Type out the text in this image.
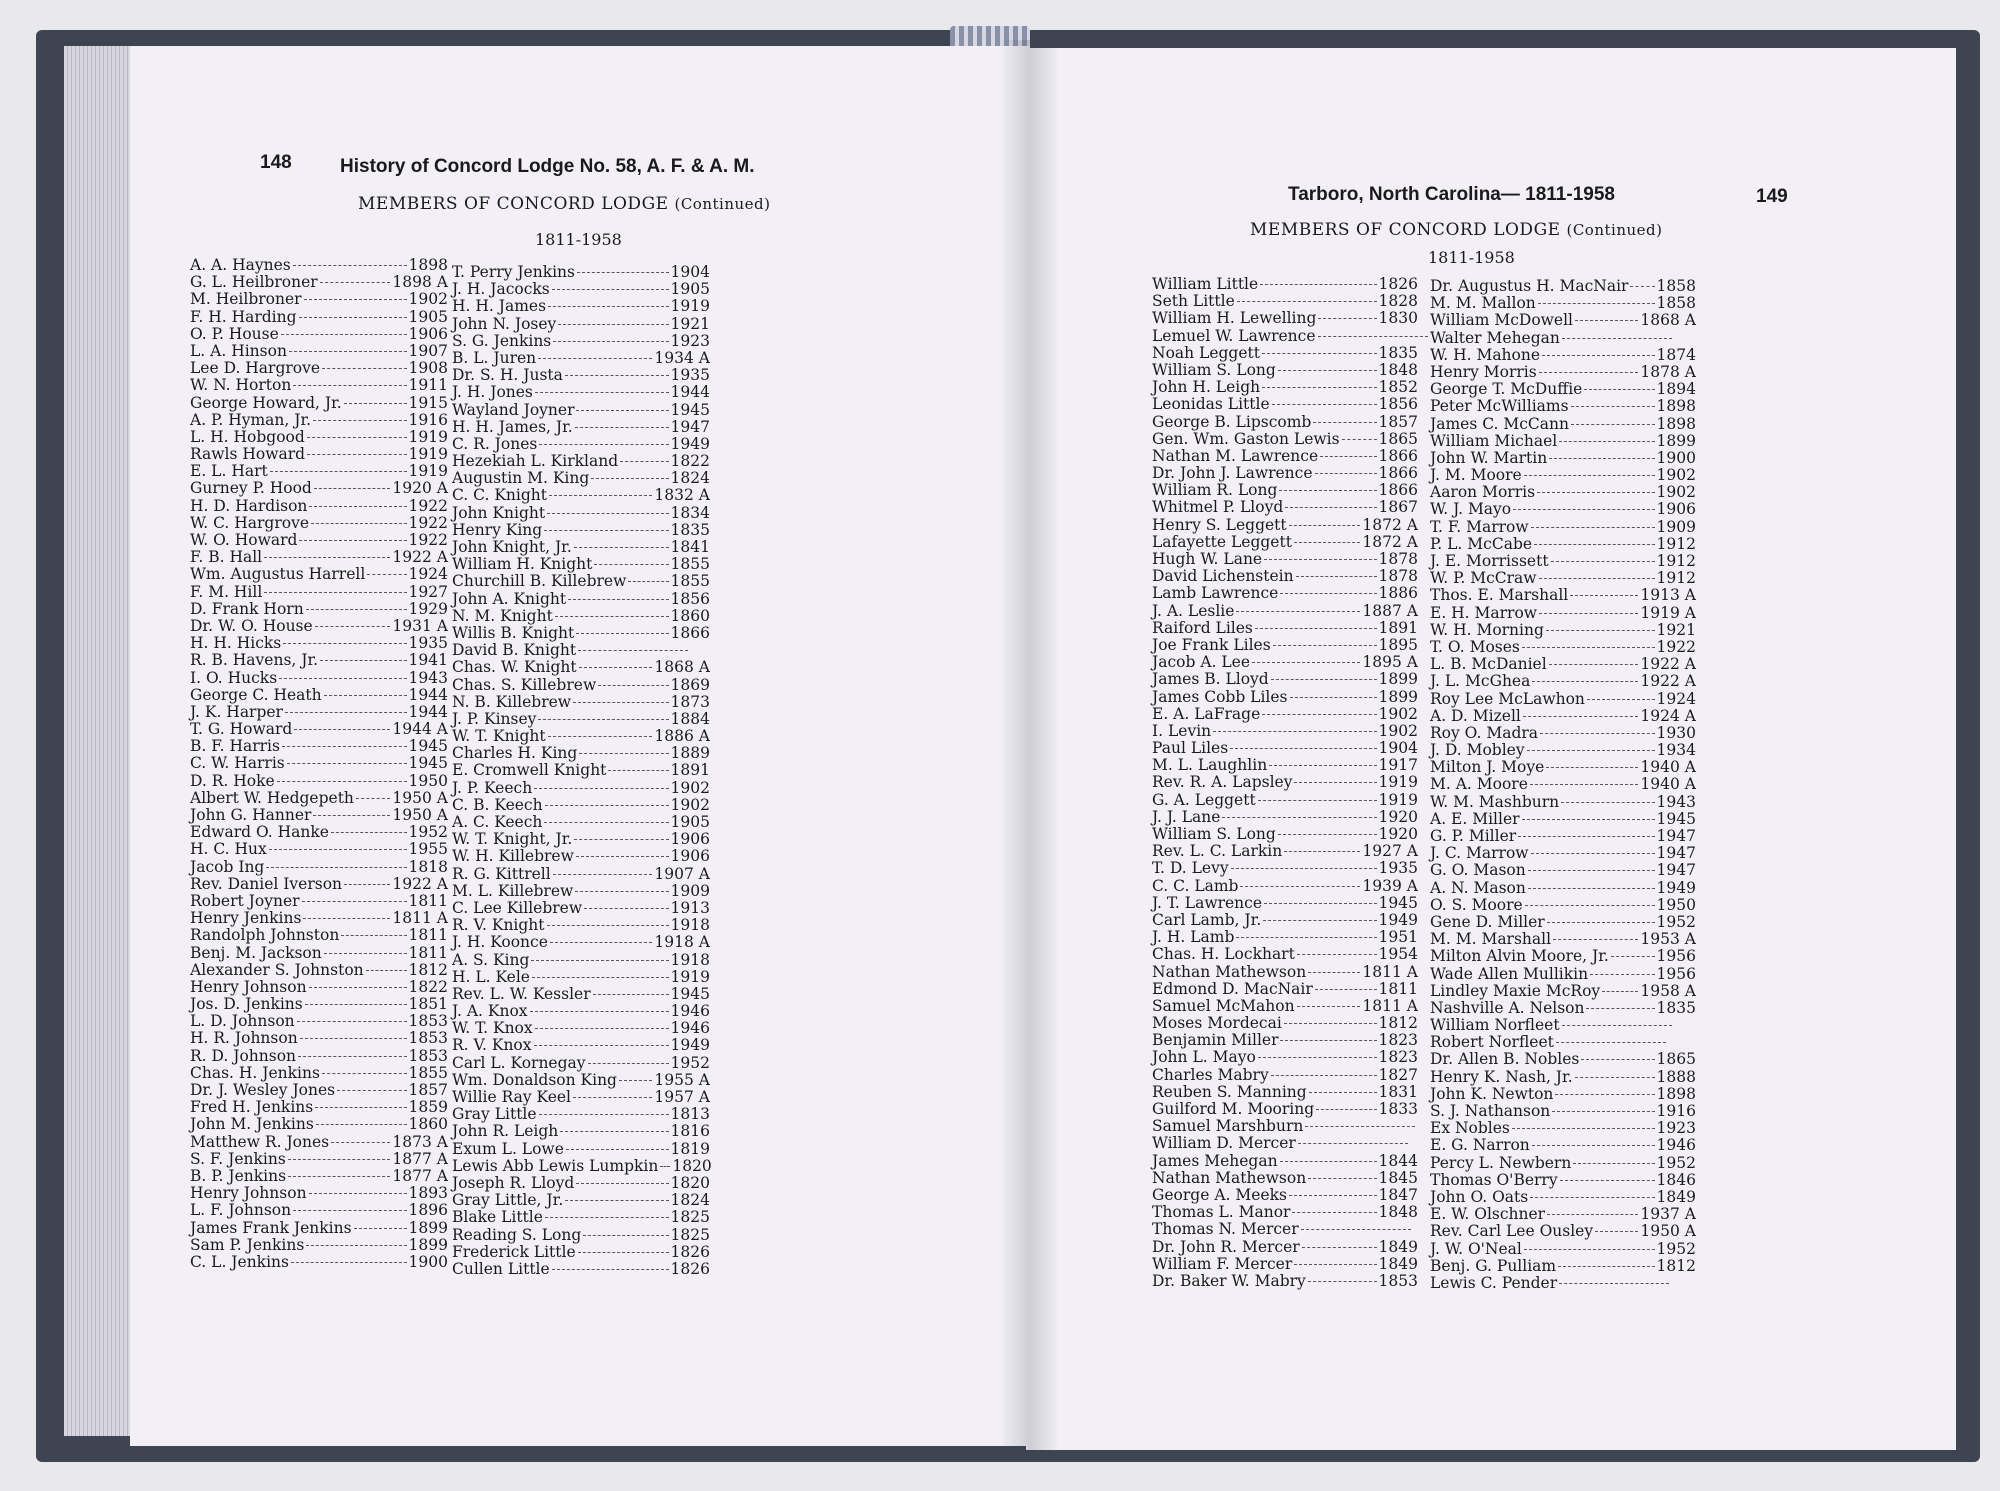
148	History of Concord Lodge No. 58, A. F. & A. M.
MEMBERS OF CONCORD LODGE (Continued)
1811-1958
A. A. Haynes	1898
G. L. Heilbroner	1898 A
M. Heilbroner	1902
F. H. Harding	1905
O. P. House	1906
L. A. Hinson	1907
Lee D. Hargrove	1908
W. N. Horton	1911
George Howard, Jr.	1915
A. P. Hyman, Jr.	1916
L. H. Hobgood	1919
Rawls Howard	1919
E. L. Hart	1919
Gurney P. Hood	1920 A
H. D. Hardison	1922
W. C. Hargrove	1922
W. O. Howard	1922
F. B. Hall	1922 A
Wm. Augustus Harrell	1924
F. M. Hill	1927
D. Frank Horn	1929
Dr. W. O. House	1931 A
H. H. Hicks	1935
R. B. Havens, Jr.	1941
I. O. Hucks	1943
George C. Heath	1944
J. K. Harper	1944
T. G. Howard	1944 A
B. F. Harris	1945
C. W. Harris	1945
D. R. Hoke	1950
Albert W. Hedgepeth 1950 A
John G. Hanner	1950 A
Edward O. Hanke	1952
H. C. Hux	1955
Jacob Ing	1818
Rev. Daniel Iverson	1922 A
Robert Joyner	1811
Henry Jenkins	1811 A
Randolph Johnston	1811
Benj. M. Jackson	1811
Alexander S. Johnston	1812
Henry Johnson	1822
Jos. D. Jenkins	1851
L. D. Johnson	1853
H. R. Johnson	1853
R. D. Johnson	1853
Chas. H. Jenkins	1855
Dr. J. Wesley Jones	1857
Fred H. Jenkins	1859
John M. Jenkins	1860
Matthew R. Jones	1873 A
S. F. Jenkins	1877 A
B. P. Jenkins	1877 A
Henry Johnson	1893
L. F. Johnson	1896
James Frank Jenkins	1899
Sam P. Jenkins	1899
C. L. Jenkins	1900
T. Perry Jenkins	1904
J. H. Jacocks	1905
H. H. James	1919
John N. Josey	1921
S. G. Jenkins	1923
B. L. Juren	1934 A
Dr. S. H. Justa	1935
J. H. Jones	1944
Wayland Joyner	1945
H. H. James, Jr.	1947
C. R. Jones	1949
Hezekiah L. Kirkland	1822
Augustin M. King	1824
C. C. Knight	1832 A
John Knight	1834
Henry King	1835
John Knight, Jr.	1841
William H. Knight	1855
Churchill B. Killebrew	1855
John A. Knight	1856
N. M. Knight	1860
Willis B. Knight	1866
David B. Knight
Chas. W. Knight	1868 A
Chas. S. Killebrew	1869
N. B. Killebrew	1873
J. P. Kinsey	1884
W. T. Knight	1886 A
Charles H. King	1889
E. Cromwell Knight	1891
J. P. Keech	1902
C. B. Keech	1902
A. C. Keech	1905
W. T. Knight, Jr.	1906
W. H. Killebrew	1906
R. G. Kittrell	1907 A
M. L. Killebrew	1909
C. Lee Killebrew	1913
R. V. Knight	1918
J. H. Koonce	1918 A
A. S. King	1918
H. L. Kele	1919
Rev. L. W. Kessler	1945
J. A. Knox	1946
W. T. Knox	1946
R. V. Knox	1949
Carl L. Kornegay	1952
Wm. Donaldson King 1955 A
Willie Ray Keel	1957 A
Gray Little	1813
John R. Leigh	1816
Exum L. Lowe	1819
Lewis Abb Lewis Lumpkin 1820
Joseph R. Lloyd	1820
Gray Little, Jr.	1824
Blake Little	1825
Reading S. Long	1825
Frederick Little	1826
Cullen Little	1826
Tarboro, North Carolina— 1811-1958	149
MEMBERS OF CONCORD LODGE (Continued)
1811-1958
William Little	1826
Seth Little	1828
William H. Lewelling	1830
Lemuel W. Lawrence
Noah Leggett	1835
William S. Long	1848
John H. Leigh	1852
Leonidas Little	1856
George B. Lipscomb	1857
Gen. Wm. Gaston Lewis	1865
Nathan M. Lawrence	1866
Dr. John J. Lawrence	1866
William R. Long	1866
Whitmel P. Lloyd	1867
Henry S. Leggett	1872 A
Lafayette Leggett	1872 A
Hugh W. Lane	1878
David Lichenstein	1878
Lamb Lawrence	1886
J. A. Leslie	1887 A
Raiford Liles	1891
Joe Frank Liles	1895
Jacob A. Lee	1895 A
James B. Lloyd	1899
James Cobb Liles	1899
E. A. LaFrage	1902
I. Levin	1902
Paul Liles	1904
M. L. Laughlin	1917
Rev. R. A. Lapsley	1919
G. A. Leggett	1919
J. J. Lane	1920
William S. Long	1920
Rev. L. C. Larkin	1927 A
T. D. Levy	1935
C. C. Lamb	1939 A
J. T. Lawrence	1945
Carl Lamb, Jr.	1949
J. H. Lamb	1951
Chas. H. Lockhart	1954
Nathan Mathewson	1811 A
Edmond D. MacNair	1811
Samuel McMahon	1811 A
Moses Mordecai	1812
Benjamin Miller	1823
John L. Mayo	1823
Charles Mabry	1827
Reuben S. Manning	1831
Guilford M. Mooring	1833
Samuel Marshburn
William D. Mercer
James Mehegan	1844
Nathan Mathewson	1845
George A. Meeks	1847
Thomas L. Manor	1848
Thomas N. Mercer
Dr. John R. Mercer	1849
William F. Mercer	1849
Dr. Baker W. Mabry	1853
Dr. Augustus H. MacNair 1858
M. M. Mallon	1858
William McDowell	1868 A
Walter Mehegan
W. H. Mahone	1874
Henry Morris	1878 A
George T. McDuffie	1894
Peter McWilliams	1898
James C. McCann	1898
William Michael	1899
John W. Martin	1900
J. M. Moore	1902
Aaron Morris	1902
W. J. Mayo	1906
T. F. Marrow	1909
P. L. McCabe	1912
J. E. Morrissett	1912
W. P. McCraw	1912
Thos. E. Marshall	1913 A
E. H. Marrow	1919 A
W. H. Morning	1921
T. O. Moses	1922
L. B. McDaniel	1922 A
J. L. McGhea	1922 A
Roy Lee McLawhon	1924
A. D. Mizell	1924 A
Roy O. Madra	1930
J. D. Mobley	1934
Milton J. Moye	1940 A
M. A. Moore	1940 A
W. M. Mashburn	1943
A. E. Miller	1945
G. P. Miller	1947
J. C. Marrow	1947
G. O. Mason	1947
A. N. Mason	1949
O. S. Moore	1950
Gene D. Miller	1952
M. M. Marshall	1953 A
Milton Alvin Moore, Jr.	1956
Wade Allen Mullikin	1956
Lindley Maxie McRoy	1958 A
Nashville A. Nelson	1835
William Norfleet
Robert Norfleet
Dr. Allen B. Nobles	1865
Henry K. Nash, Jr.	1888
John K. Newton	1898
S. J. Nathanson	1916
Ex Nobles	1923
E. G. Narron	1946
Percy L. Newbern	1952
Thomas O'Berry	1846
John O. Oats	1849
E. W. Olschner	1937 A
Rev. Carl Lee Ousley	1950 A
J. W. O'Neal	1952
Benj. G. Pulliam	1812
Lewis C. Pender
